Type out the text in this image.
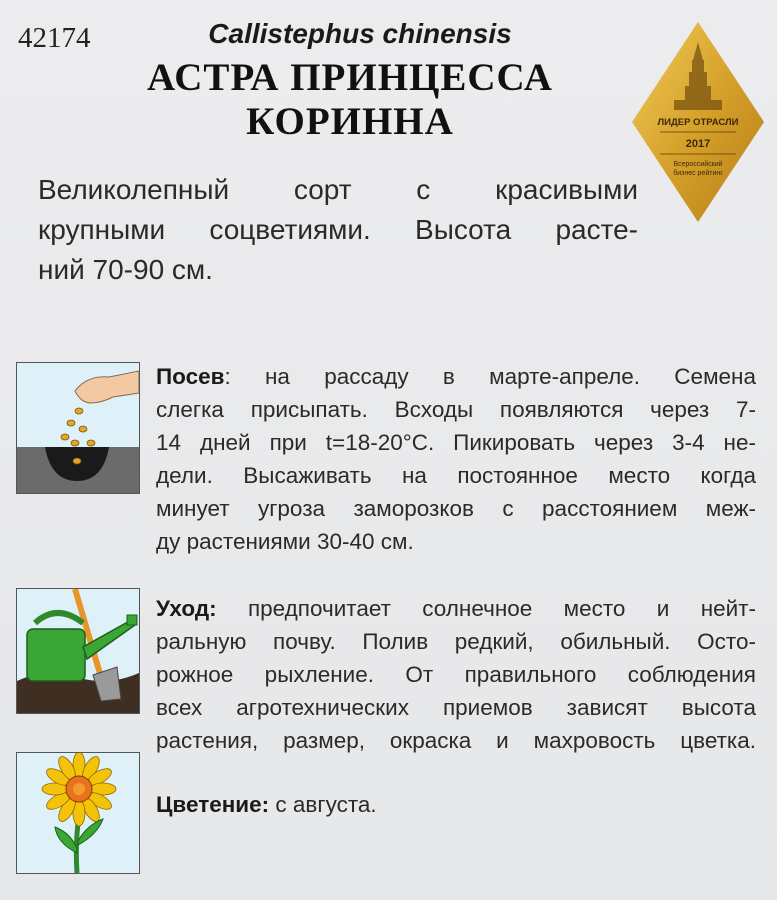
42174	Callistephus chinensis
АСТРА ПРИНЦЕССА
КОРИННА	ЛИДЕР ОТРАСЛИ
2017
Всероссийский
бизнес рейтинг
Великолепный сорт с красивыми
крупными соцветиями. Высота расте-
ний 70-90 см.
Посев: на рассаду в марте-апреле. Семена
слегка присыпать. Всходы появляются через 7-
14 дней при t=18-20°C. Пикировать через 3-4 не-
дели. Высаживать на постоянное место когда
минует угроза заморозков с расстоянием меж-
ду растениями 30-40 см.
Уход: предпочитает солнечное место и нейт-
ральную почву. Полив редкий, обильный. Осто-
рожное рыхление. От правильного соблюдения
всех агротехнических приемов зависят высота
растения, размер, окраска и махровость цветка.
Цветение: с августа.
